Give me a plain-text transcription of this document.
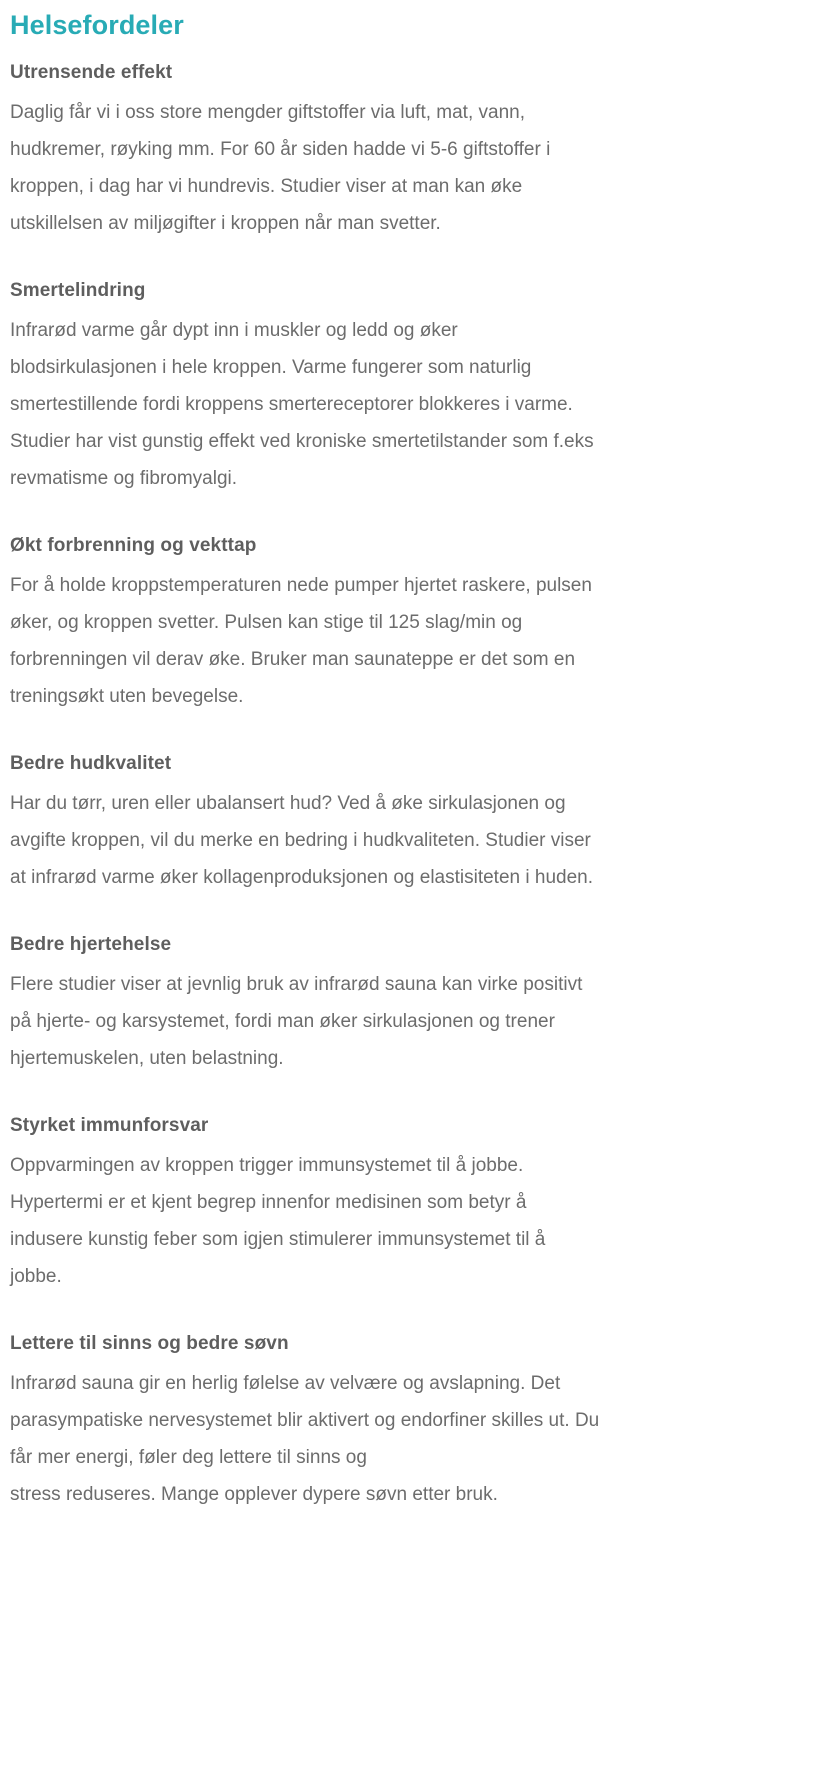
Helsefordeler
Utrensende effekt

Daglig får vi i oss store mengder giftstoffer via luft, mat, vann,
hudkremer, røyking mm. For 60 år siden hadde vi 5-6 giftstoffer i
kroppen, i dag har vi hundrevis. Studier viser at man kan øke
utskillelsen av miljøgifter i kroppen når man svetter.

Smertelindring

Infrarød varme går dypt inn i muskler og ledd og øker
blodsirkulasjonen i hele kroppen. Varme fungerer som naturlig
smertestillende fordi kroppens smertereceptorer blokkeres i varme.
Studier har vist gunstig effekt ved kroniske smertetilstander som f.eks
revmatisme og fibromyalgi.

Økt forbrenning og vekttap

For å holde kroppstemperaturen nede pumper hjertet raskere, pulsen
øker, og kroppen svetter. Pulsen kan stige til 125 slag/min og
forbrenningen vil derav øke. Bruker man saunateppe er det som en
treningsøkt uten bevegelse.

Bedre hudkvalitet

Har du tørr, uren eller ubalansert hud? Ved å øke sirkulasjonen og
avgifte kroppen, vil du merke en bedring i hudkvaliteten. Studier viser
at infrarød varme øker kollagenproduksjonen og elastisiteten i huden.

Bedre hjertehelse

Flere studier viser at jevnlig bruk av infrarød sauna kan virke positivt
på hjerte- og karsystemet, fordi man øker sirkulasjonen og trener
hjertemuskelen, uten belastning.

Styrket immunforsvar

Oppvarmingen av kroppen trigger immunsystemet til å jobbe.
Hypertermi er et kjent begrep innenfor medisinen som betyr å
indusere kunstig feber som igjen stimulerer immunsystemet til å
jobbe.

Lettere til sinns og bedre søvn

Infrarød sauna gir en herlig følelse av velvære og avslapning. Det
parasympatiske nervesystemet blir aktivert og endorfiner skilles ut. Du
får mer energi, føler deg lettere til sinns og
stress reduseres. Mange opplever dypere søvn etter bruk.
